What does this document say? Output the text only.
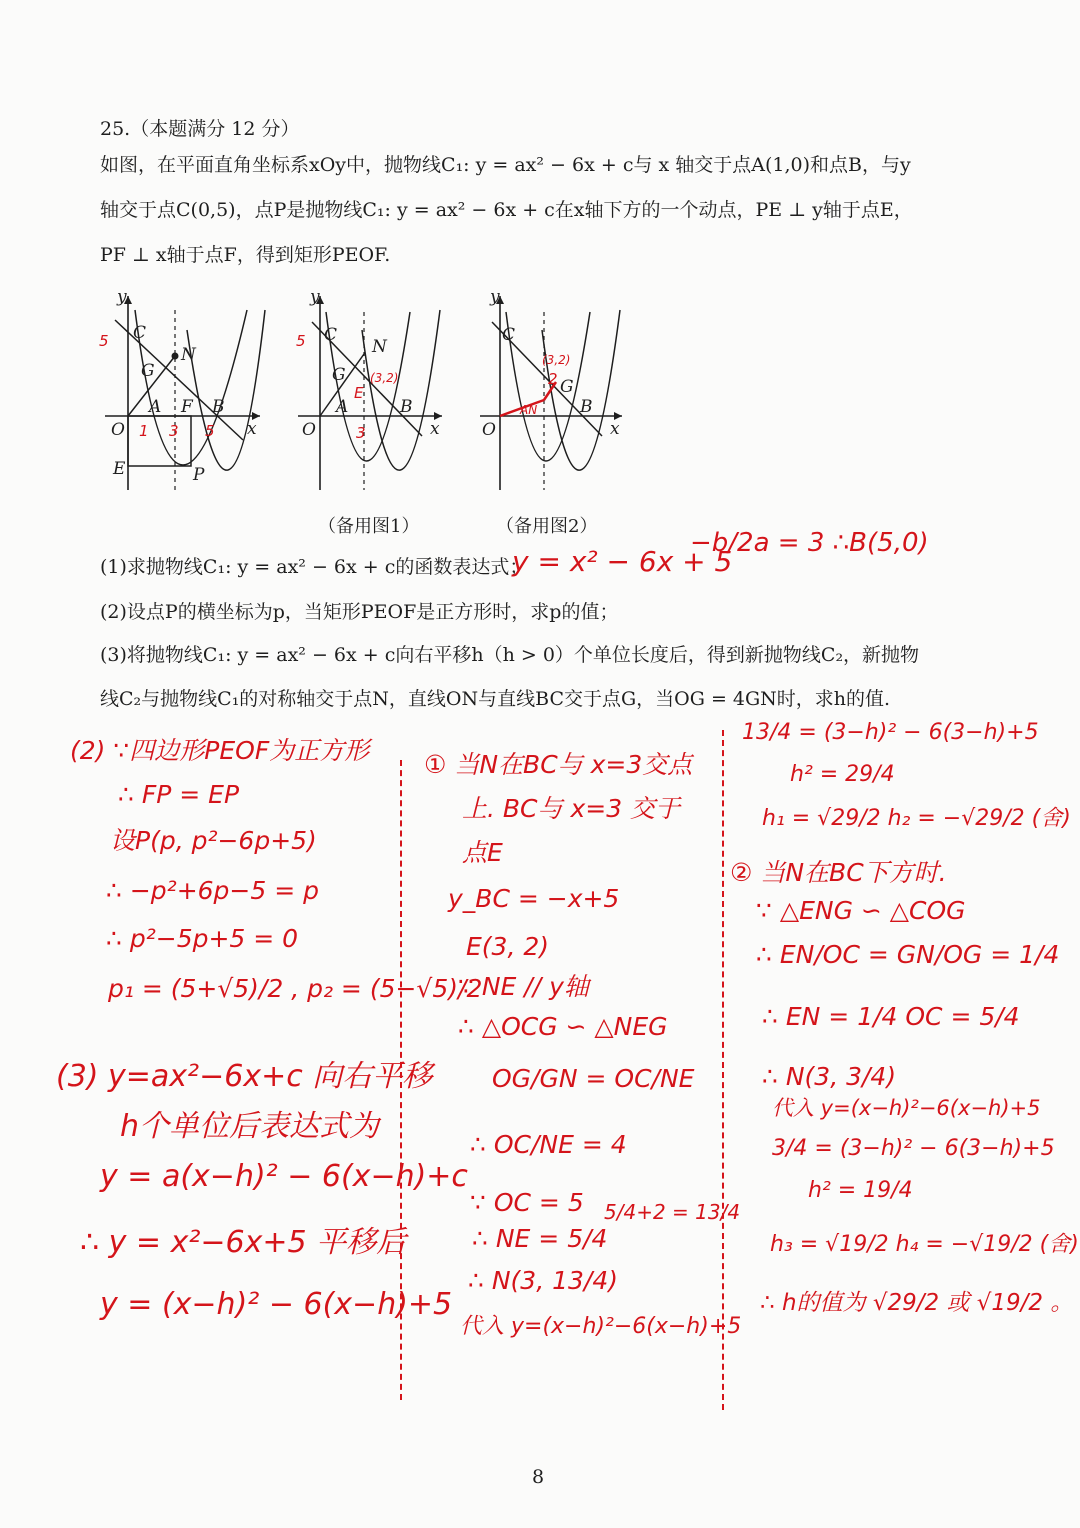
25.（本题满分 12 分）
如图，在平面直角坐标系xOy中，抛物线C₁: y = ax² − 6x + c与 x 轴交于点A(1,0)和点B，与y
轴交于点C(0,5)，点P是抛物线C₁: y = ax² − 6x + c在x轴下方的一个动点，PE ⊥ y轴于点E，
PF ⊥ x轴于点F，得到矩形PEOF.
y
x
O
C
N
G
A F B
E	P
5
1 3 5
y
x
O
C
N
G
A
E
B
5
3
(3,2)
（备用图1）
y
x
O
C
G
B
AN
(3,2)
2
（备用图2）
(1)求抛物线C₁: y = ax² − 6x + c的函数表达式；
y = x² − 6x + 5
−b/2a = 3 ∴B(5,0)
(2)设点P的横坐标为p，当矩形PEOF是正方形时，求p的值；
(3)将抛物线C₁: y = ax² − 6x + c向右平移h（h > 0）个单位长度后，得到新抛物线C₂，新抛物
线C₂与抛物线C₁的对称轴交于点N，直线ON与直线BC交于点G，当OG = 4GN时，求h的值.
(2) ∵四边形PEOF为正方形
∴ FP = EP
设P(p, p²−6p+5)
∴ −p²+6p−5 = p
∴ p²−5p+5 = 0
p₁ = (5+√5)/2 , p₂ = (5−√5)/2
(3) y=ax²−6x+c 向右平移
h个单位后表达式为
y = a(x−h)² − 6(x−h)+c
∴ y = x²−6x+5 平移后
y = (x−h)² − 6(x−h)+5
① 当N在BC与 x=3交点
上. BC与 x=3 交于
点E
y_BC = −x+5
E(3, 2)
∵ NE // y轴
∴ △OCG ∽ △NEG
OG/GN = OC/NE
∴ OC/NE = 4
∵ OC = 5
∴ NE = 5/4
5/4+2 = 13/4
∴ N(3, 13/4)
代入 y=(x−h)²−6(x−h)+5
13/4 = (3−h)² − 6(3−h)+5
h² = 29/4
h₁ = √29/2 h₂ = −√29/2 (舍)
② 当N在BC下方时.
∵ △ENG ∽ △COG
∴ EN/OC = GN/OG = 1/4
∴ EN = 1/4 OC = 5/4
∴ N(3, 3/4)
代入 y=(x−h)²−6(x−h)+5
3/4 = (3−h)² − 6(3−h)+5
h² = 19/4
h₃ = √19/2 h₄ = −√19/2 (舍)
∴ h的值为 √29/2 或 √19/2 。
8
